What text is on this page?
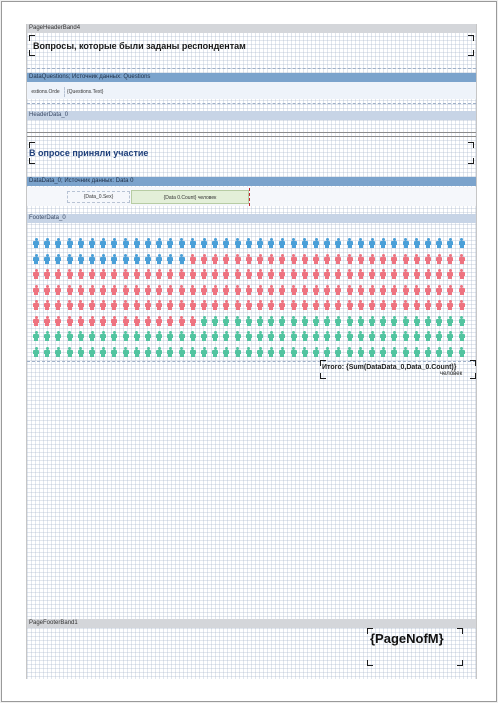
PageHeaderBand4
Вопросы, которые были заданы респондентам
DataQuestions; Источник данных: Questions
estions.Orde	{Questions.Text}
HeaderData_0
В опросе приняли участие
DataData_0; Источник данных: Data 0
{Data_0.Sex}	{Data 0.Count} человек
FooterData_0
Итого: {Sum(DataData_0,Data_0.Count)}
человек
PageFooterBand1
{PageNofM}
